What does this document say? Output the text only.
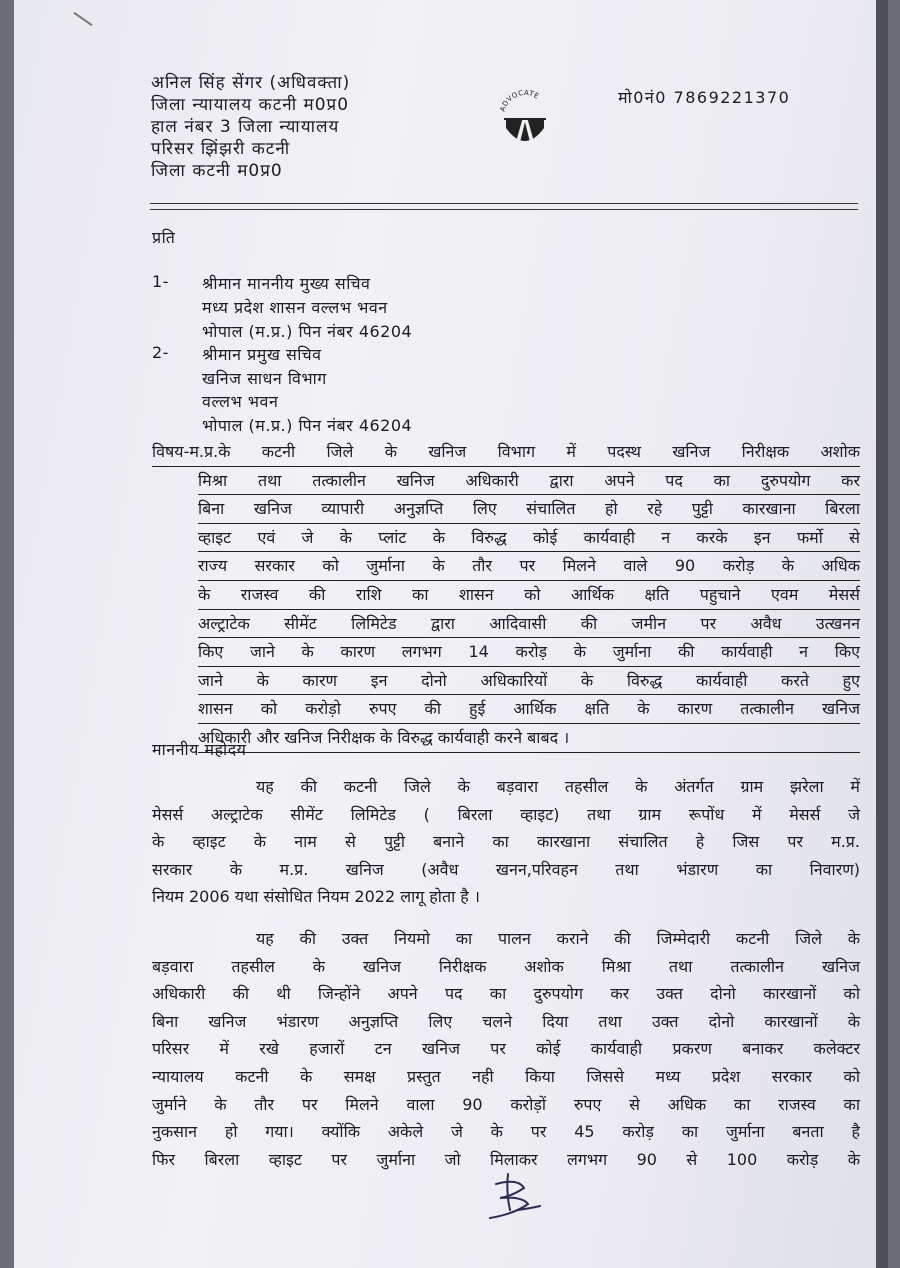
अनिल सिंह सेंगर (अधिवक्ता)
जिला न्यायालय कटनी म0प्र0
हाल नंबर 3 जिला न्यायालय
परिसर झिंझरी कटनी
जिला कटनी म0प्र0
ADVOCATE	मो0नं0 7869221370
प्रति
1- श्रीमान माननीय मुख्य सचिव
मध्य प्रदेश शासन वल्लभ भवन
भोपाल (म.प्र.) पिन नंबर 46204
2- श्रीमान प्रमुख सचिव
खनिज साधन विभाग
वल्लभ भवन
भोपाल (म.प्र.) पिन नंबर 46204
विषय-म.प्र.के कटनी जिले के खनिज विभाग में पदस्थ खनिज निरीक्षक अशोक
मिश्रा तथा तत्कालीन खनिज अधिकारी द्वारा अपने पद का दुरुपयोग कर
बिना खनिज व्यापारी अनुज्ञप्ति लिए संचालित हो रहे पुट्टी कारखाना बिरला
व्हाइट एवं जे के प्लांट के विरुद्ध कोई कार्यवाही न करके इन फर्मो से
राज्य सरकार को जुर्माना के तौर पर मिलने वाले 90 करोड़ के अधिक
के राजस्व की राशि का शासन को आर्थिक क्षति पहुचाने एवम मेसर्स
अल्ट्राटेक सीमेंट लिमिटेड द्वारा आदिवासी की जमीन पर अवैध उत्खनन
किए जाने के कारण लगभग 14 करोड़ के जुर्माना की कार्यवाही न किए
जाने के कारण इन दोनो अधिकारियों के विरुद्ध कार्यवाही करते हुए
शासन को करोड़ो रुपए की हुई आर्थिक क्षति के कारण तत्कालीन खनिज
अधिकारी और खनिज निरीक्षक के विरुद्ध कार्यवाही करने बाबद ।
माननीय महोदय
यह की कटनी जिले के बड़वारा तहसील के अंतर्गत ग्राम झरेला में
मेसर्स अल्ट्राटेक सीमेंट लिमिटेड ( बिरला व्हाइट) तथा ग्राम रूपोंध में मेसर्स जे
के व्हाइट के नाम से पुट्टी बनाने का कारखाना संचालित हे जिस पर म.प्र.
सरकार के म.प्र. खनिज (अवैध खनन,परिवहन तथा भंडारण का निवारण)
नियम 2006 यथा संसोधित नियम 2022 लागू होता है ।
यह की उक्त नियमो का पालन कराने की जिम्मेदारी कटनी जिले के
बड़वारा तहसील के खनिज निरीक्षक अशोक मिश्रा तथा तत्कालीन खनिज
अधिकारी की थी जिन्होंने अपने पद का दुरुपयोग कर उक्त दोनो कारखानों को
बिना खनिज भंडारण अनुज्ञप्ति लिए चलने दिया तथा उक्त दोनो कारखानों के
परिसर में रखे हजारों टन खनिज पर कोई कार्यवाही प्रकरण बनाकर कलेक्टर
न्यायालय कटनी के समक्ष प्रस्तुत नही किया जिससे मध्य प्रदेश सरकार को
जुर्माने के तौर पर मिलने वाला 90 करोड़ों रुपए से अधिक का राजस्व का
नुकसान हो गया। क्योंकि अकेले जे के पर 45 करोड़ का जुर्माना बनता है
फिर बिरला व्हाइट पर जुर्माना जो मिलाकर लगभग 90 से 100 करोड़ के
